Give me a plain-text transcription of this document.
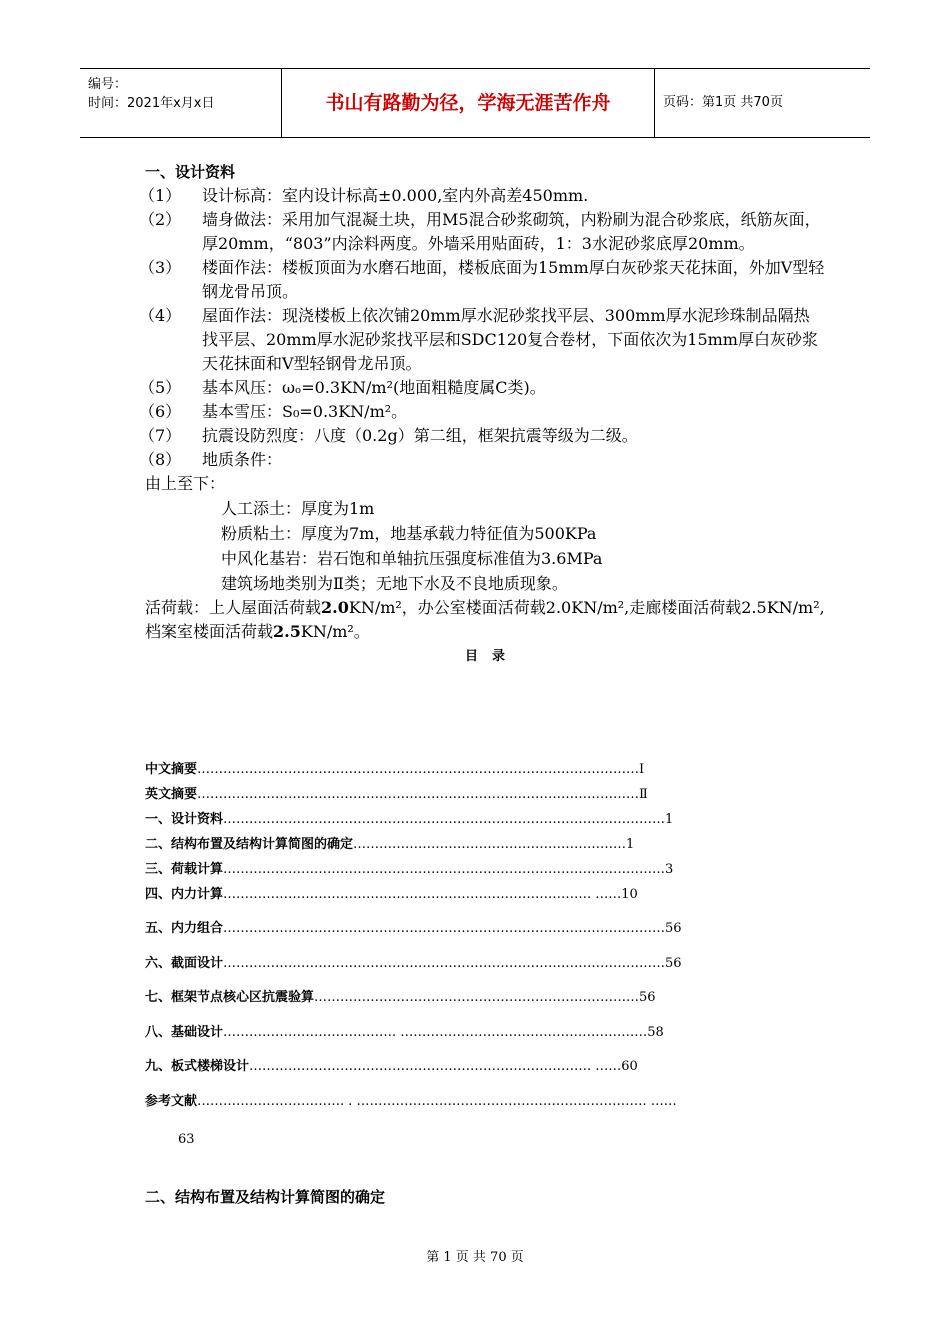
编号：
时间：2021年x月x日	书山有路勤为径，学海无涯苦作舟	页码：第1页 共70页
一、设计资料
（1） 设计标高：室内设计标高±0.000,室内外高差450mm.
（2） 墙身做法：采用加气混凝土块，用M5混合砂浆砌筑，内粉刷为混合砂浆底，纸筋灰面，厚20mm，“803”内涂料两度。外墙采用贴面砖，1：3水泥砂浆底厚20mm。
（3） 楼面作法：楼板顶面为水磨石地面，楼板底面为15mm厚白灰砂浆天花抹面，外加V型轻钢龙骨吊顶。
（4） 屋面作法：现浇楼板上依次铺20mm厚水泥砂浆找平层、300mm厚水泥珍珠制品隔热找平层、20mm厚水泥砂浆找平层和SDC120复合卷材，下面依次为15mm厚白灰砂浆天花抹面和V型轻钢骨龙吊顶。
（5） 基本风压：ωₒ=0.3KN/m²(地面粗糙度属C类)。
（6） 基本雪压：S₀=0.3KN/m²。
（7） 抗震设防烈度：八度（0.2g）第二组，框架抗震等级为二级。
（8） 地质条件：
由上至下：
人工添土：厚度为1m
粉质粘土：厚度为7m，地基承载力特征值为500KPa
中风化基岩：岩石饱和单轴抗压强度标准值为3.6MPa
建筑场地类别为Ⅱ类；无地下水及不良地质现象。
活荷载：上人屋面活荷载2.0KN/m²，办公室楼面活荷载2.0KN/m²,走廊楼面活荷载2.5KN/m²,档案室楼面活荷载2.5KN/m²。
目录
中文摘要…………………………………………………………………………………………Ⅰ
英文摘要…………………………………………………………………………………………Ⅱ
一、设计资料…………………………………………………………………………………………1
二、结构布置及结构计算简图的确定………………………………………………………1
三、荷载计算…………………………………………………………………………………………3
四、内力计算…………………………………………………………………………. ……10
五、内力组合…………………………………………………………………………………………56
六、截面设计…………………………………………………………………………………………56
七、框架节点核心区抗震验算…………………………………………………………………56
八、基础设计…………………………………. …………………………………………………58
九、板式楼梯设计……………………………………………………………………. ……60
参考文献……………………………. . …………………………………………………………. ……
63
二、结构布置及结构计算简图的确定
第 1 页 共 70 页
